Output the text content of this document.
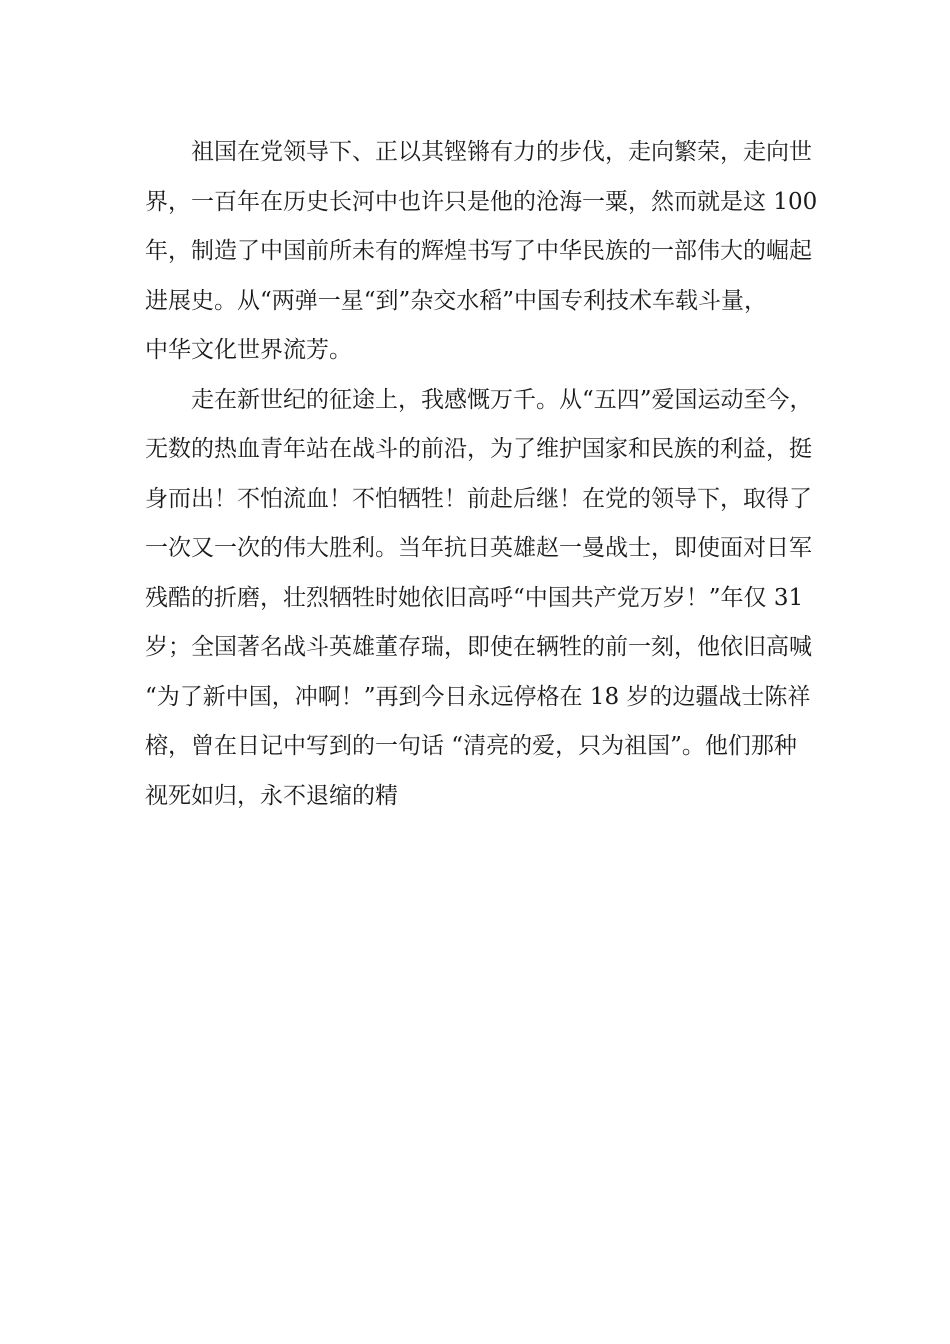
祖国在党领导下、正以其铿锵有力的步伐，走向繁荣，走向世
界，一百年在历史长河中也许只是他的沧海一粟，然而就是这 100
年，制造了中国前所未有的辉煌书写了中华民族的一部伟大的崛起
进展史。从“两弹一星“到”杂交水稻”中国专利技术车载斗量，
中华文化世界流芳。
走在新世纪的征途上，我感慨万千。从“五四”爱国运动至今，
无数的热血青年站在战斗的前沿，为了维护国家和民族的利益，挺
身而出！不怕流血！不怕牺牲！前赴后继！在党的领导下，取得了
一次又一次的伟大胜利。当年抗日英雄赵一曼战士，即使面对日军
残酷的折磨，壮烈牺牲时她依旧高呼“中国共产党万岁！”年仅 31
岁；全国著名战斗英雄董存瑞，即使在辆牲的前一刻，他依旧高喊
“为了新中国，冲啊！”再到今日永远停格在 18 岁的边疆战士陈祥
榕，曾在日记中写到的一句话 “清亮的爱，只为祖国”。他们那种
视死如归，永不退缩的精
